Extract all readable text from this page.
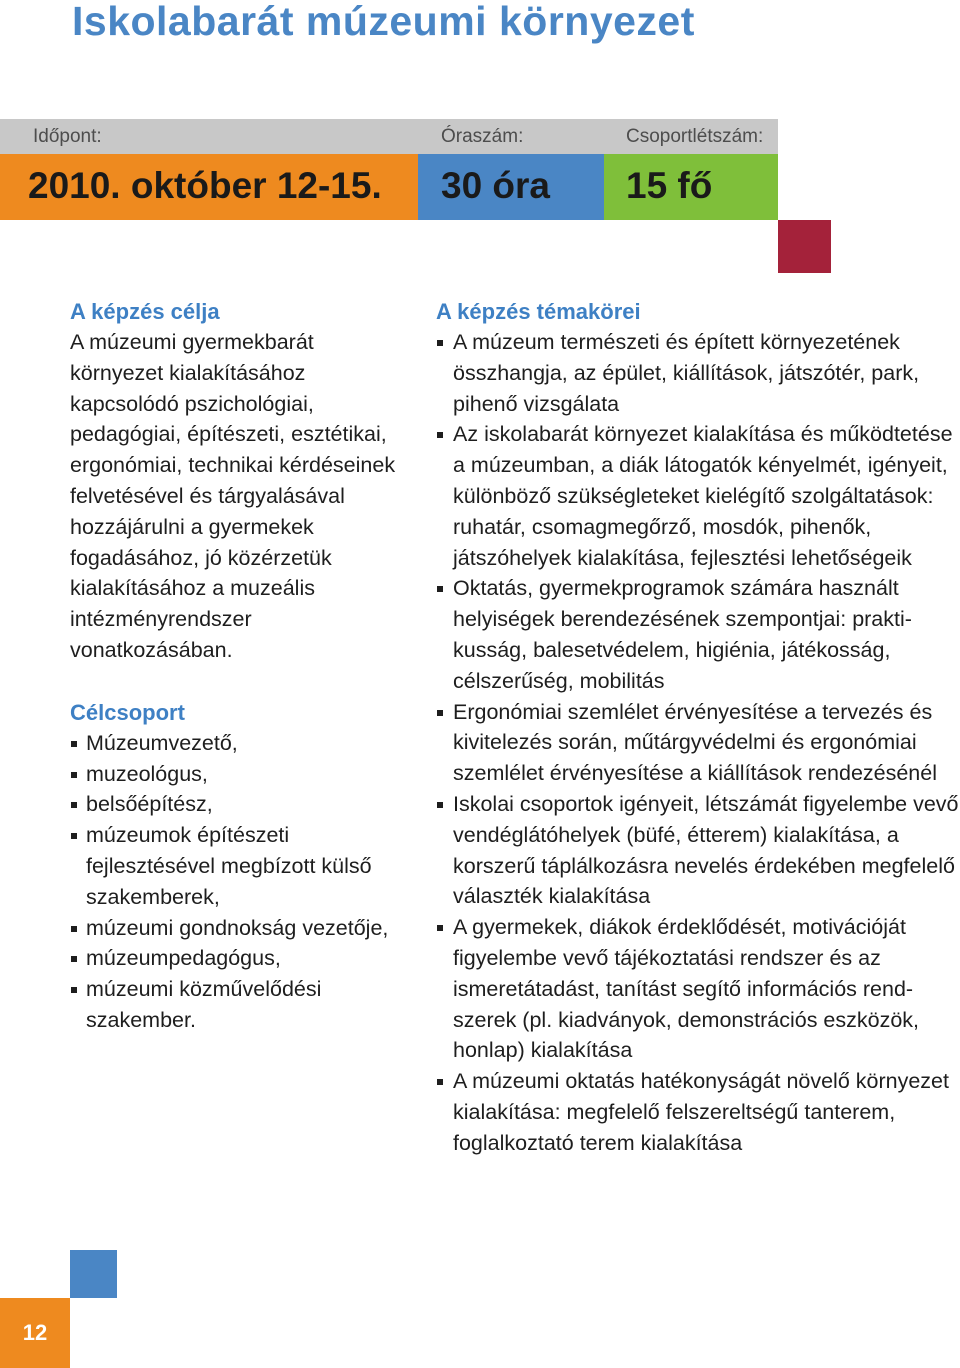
Iskolabarát múzeumi környezet
Időpont:	Óraszám:	Csoportlétszám:
2010. október 12-15. 30 óra 15 fő
A képzés célja

A múzeumi gyermekbarát környezet kialakításához kapcsolódó pszichológiai, pedagógiai, építészeti, esztétikai, ergonómiai, technikai kérdéseinek felvetésével és tárgyalásával hozzájárulni a gyermekek fogadásához, jó közérzetük kialakításához a muzeális intézményrendszer vonatkozásában.

Célcsoport
Múzeumvezető,
muzeológus,
belsőépítész,
múzeumok építészeti fejlesztésével megbízott külső szakemberek,
múzeumi gondnokság vezetője,
múzeumpedagógus,
múzeumi közművelődési szakember.
A képzés témakörei
A múzeum természeti és épített környezetének összhangja, az épület, kiállítások, játszótér, park, pihenő vizsgálata
Az iskolabarát környezet kialakítása és működtetése a múzeumban, a diák látogatók kényelmét, igényeit, különböző szükségleteket kielégítő szolgáltatások: ruhatár, csomagmegőrző, mosdók, pihenők, játszóhelyek kialakítása, fejlesztési lehetőségeik
Oktatás, gyermekprogramok számára használt helyiségek berendezésének szempontjai: praktikusság, balesetvédelem, higiénia, játékosság, célszerűség, mobilitás
Ergonómiai szemlélet érvényesítése a tervezés és kivitelezés során, műtárgyvédelmi és ergonómiai szemlélet érvényesítése a kiállítások rendezésénél
Iskolai csoportok igényeit, létszámát figyelembe vevő vendéglátóhelyek (büfé, étterem) kialakítása, a korszerű táplálkozásra nevelés érdekében megfelelő választék kialakítása
A gyermekek, diákok érdeklődését, motivációját figyelembe vevő tájékoztatási rendszer és az ismeretátadást, tanítást segítő információs rendszerek (pl. kiadványok, demonstrációs eszközök, honlap) kialakítása
A múzeumi oktatás hatékonyságát növelő környezet kialakítása: megfelelő felszereltségű tanterem, foglalkoztató terem kialakítása
12
